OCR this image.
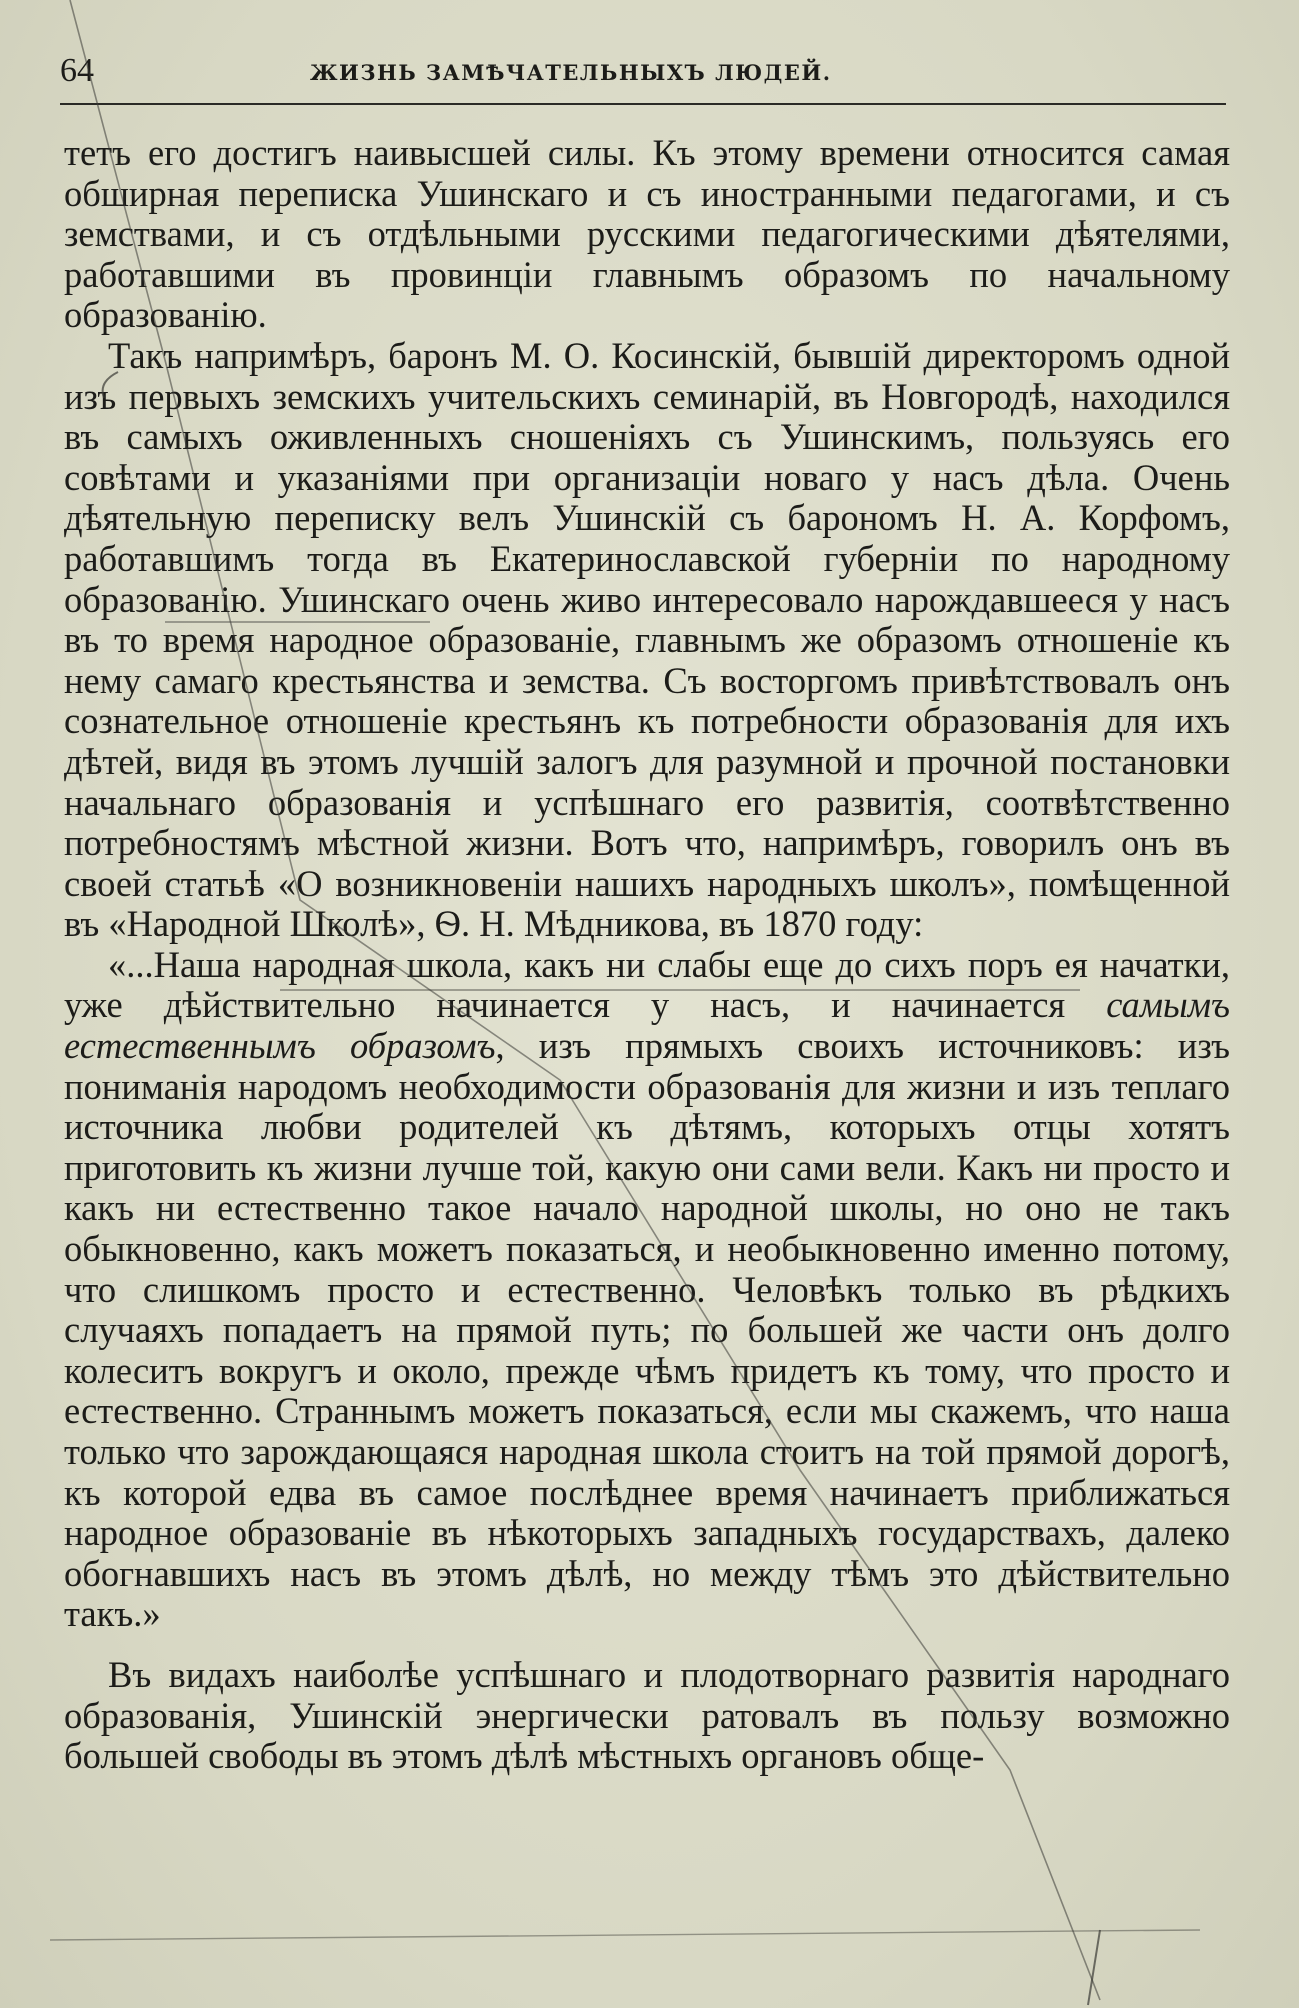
64	ЖИЗНЬ ЗАМѢЧАТЕЛЬНЫХЪ ЛЮДЕЙ.

тетъ его достигъ наивысшей силы. Къ этому времени относится самая обширная переписка Ушинскаго и съ иностранными педагогами, и съ земствами, и съ отдѣльными русскими педагогическими дѣятелями, работавшими въ провинціи главнымъ образомъ по начальному образованію.

Такъ напримѣръ, баронъ М. О. Косинскій, бывшій директоромъ одной изъ первыхъ земскихъ учительскихъ семинарій, въ Новгородѣ, находился въ самыхъ оживленныхъ сношеніяхъ съ Ушинскимъ, пользуясь его совѣтами и указаніями при организаціи новаго у насъ дѣла. Очень дѣятельную переписку велъ Ушинскій съ барономъ Н. А. Корфомъ, работавшимъ тогда въ Екатеринославской губерніи по народному образованію. Ушинскаго очень живо интересовало нарождавшееся у насъ въ то время народное образованіе, главнымъ же образомъ отношеніе къ нему самаго крестьянства и земства. Съ восторгомъ привѣтствовалъ онъ сознательное отношеніе крестьянъ къ потребности образованія для ихъ дѣтей, видя въ этомъ лучшій залогъ для разумной и прочной постановки начальнаго образованія и успѣшнаго его развитія, соотвѣтственно потребностямъ мѣстной жизни. Вотъ что, напримѣръ, говорилъ онъ въ своей статьѣ «О возникновеніи нашихъ народныхъ школъ», помѣщенной въ «Народной Школѣ», Ѳ. Н. Мѣдникова, въ 1870 году:

«...Наша народная школа, какъ ни слабы еще до сихъ поръ ея начатки, уже дѣйствительно начинается у насъ, и начинается самымъ естественнымъ образомъ, изъ прямыхъ своихъ источниковъ: изъ пониманія народомъ необходимости образованія для жизни и изъ теплаго источника любви родителей къ дѣтямъ, которыхъ отцы хотятъ приготовить къ жизни лучше той, какую они сами вели. Какъ ни просто и какъ ни естественно такое начало народной школы, но оно не такъ обыкновенно, какъ можетъ показаться, и необыкновенно именно потому, что слишкомъ просто и естественно. Человѣкъ только въ рѣдкихъ случаяхъ попадаетъ на прямой путь; по большей же части онъ долго колеситъ вокругъ и около, прежде чѣмъ придетъ къ тому, что просто и естественно. Страннымъ можетъ показаться, если мы скажемъ, что наша только что зарождающаяся народная школа стоитъ на той прямой дорогѣ, къ которой едва въ самое послѣднее время начинаетъ приближаться народное образованіе въ нѣкоторыхъ западныхъ государствахъ, далеко обогнавшихъ насъ въ этомъ дѣлѣ, но между тѣмъ это дѣйствительно такъ.»

Въ видахъ наиболѣе успѣшнаго и плодотворнаго развитія народнаго образованія, Ушинскій энергически ратовалъ въ пользу возможно большей свободы въ этомъ дѣлѣ мѣстныхъ органовъ обще-
